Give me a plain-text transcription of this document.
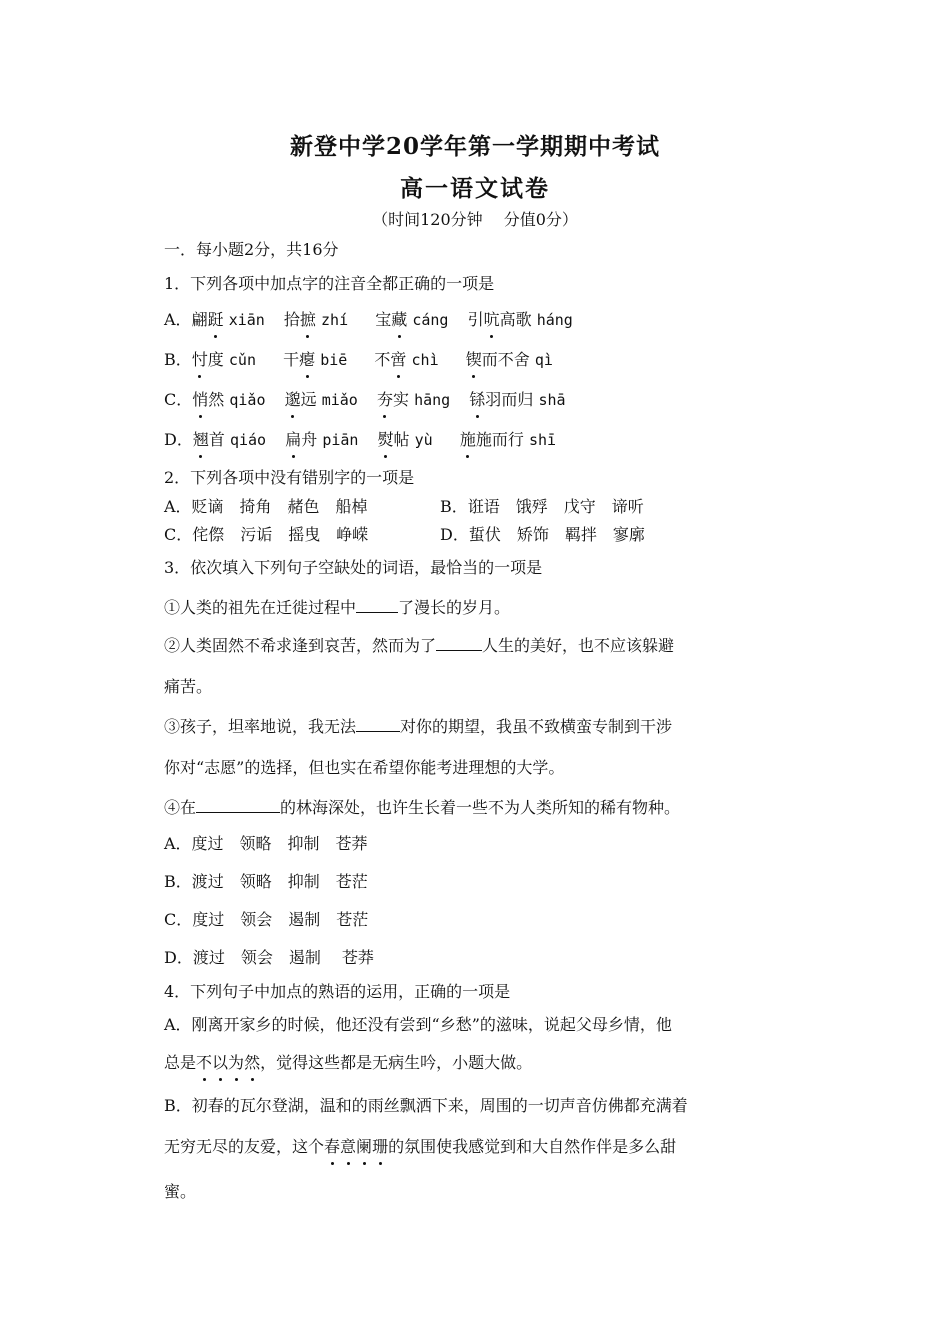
新登中学20学年第一学期期中考试
高一语文试卷
（时间120分钟　 分值0分）
一．每小题2分，共16分
1．下列各项中加点字的注音全都正确的一项是
A．翩跹 xiān 拾摭 zhí 宝藏 cáng 引吭高歌 háng
B．忖度 cǔn 干瘪 biē 不啻 chì 锲而不舍 qì
C．悄然 qiǎo 邈远 miǎo 夯实 hāng 铩羽而归 shā
D．翘首 qiáo 扁舟 piān 熨帖 yù 施施而行 shī
2．下列各项中没有错别字的一项是
A．贬谪　掎角　赭色　船棹	B．诳语　饿殍　戊守　谛听
C．侘傺　污诟　摇曳　峥嵘	D．蜇伏　矫饰　羁拌　寥廓
3．依次填入下列句子空缺处的词语，最恰当的一项是
①人类的祖先在迁徙过程中	了漫长的岁月。
②人类固然不希求逢到哀苦，然而为了	人生的美好，也不应该躲避
痛苦。
③孩子，坦率地说，我无法	对你的期望，我虽不致横蛮专制到干涉
你对“志愿”的选择，但也实在希望你能考进理想的大学。
④在	的林海深处，也许生长着一些不为人类所知的稀有物种。
A．度过　领略　抑制　苍莽
B．渡过　领略　抑制　苍茫
C．度过　领会　遏制　苍茫
D．渡过　领会　遏制　 苍莽
4．下列句子中加点的熟语的运用，正确的一项是
A．刚离开家乡的时候，他还没有尝到“乡愁”的滋味，说起父母乡情，他
总是不以为然，觉得这些都是无病生吟，小题大做。
B．初春的瓦尔登湖，温和的雨丝飘洒下来，周围的一切声音仿佛都充满着
无穷无尽的友爱，这个春意阑珊的氛围使我感觉到和大自然作伴是多么甜
蜜。
